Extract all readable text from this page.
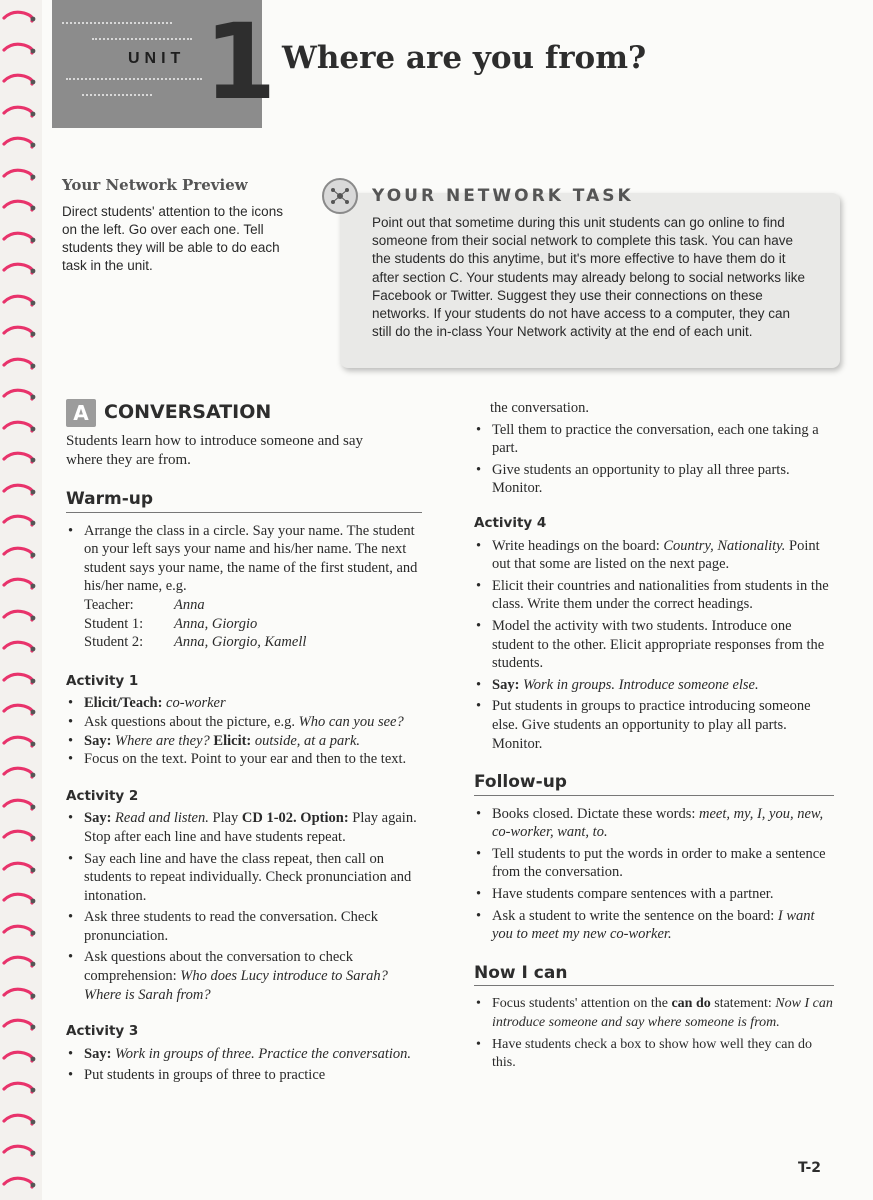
UNIT 1 Where are you from?
Your Network Preview
Direct students' attention to the icons on the left. Go over each one. Tell students they will be able to do each task in the unit.
YOUR NETWORK TASK
Point out that sometime during this unit students can go online to find someone from their social network to complete this task. You can have the students do this anytime, but it's more effective to have them do it after section C. Your students may already belong to social networks like Facebook or Twitter. Suggest they use their connections on these networks. If your students do not have access to a computer, they can still do the in-class Your Network activity at the end of each unit.
A CONVERSATION
Students learn how to introduce someone and say where they are from.
Warm-up
• Arrange the class in a circle. Say your name. The student on your left says your name and his/her name. The next student says your name, the name of the first student, and his/her name, e.g.
Teacher:	Anna
Student 1:	Anna, Giorgio
Student 2:	Anna, Giorgio, Kamell
Activity 1
• Elicit/Teach: co-worker
• Ask questions about the picture, e.g. Who can you see?
• Say: Where are they? Elicit: outside, at a park.
• Focus on the text. Point to your ear and then to the text.
Activity 2
• Say: Read and listen. Play CD 1-02. Option: Play again. Stop after each line and have students repeat.
• Say each line and have the class repeat, then call on students to repeat individually. Check pronunciation and intonation.
• Ask three students to read the conversation. Check pronunciation.
• Ask questions about the conversation to check comprehension: Who does Lucy introduce to Sarah? Where is Sarah from?
Activity 3
• Say: Work in groups of three. Practice the conversation.
• Put students in groups of three to practice
the conversation.
• Tell them to practice the conversation, each one taking a part.
• Give students an opportunity to play all three parts. Monitor.
Activity 4
• Write headings on the board: Country, Nationality. Point out that some are listed on the next page.
• Elicit their countries and nationalities from students in the class. Write them under the correct headings.
• Model the activity with two students. Introduce one student to the other. Elicit appropriate responses from the students.
• Say: Work in groups. Introduce someone else.
• Put students in groups to practice introducing someone else. Give students an opportunity to play all parts. Monitor.
Follow-up
• Books closed. Dictate these words: meet, my, I, you, new, co-worker, want, to.
• Tell students to put the words in order to make a sentence from the conversation.
• Have students compare sentences with a partner.
• Ask a student to write the sentence on the board: I want you to meet my new co-worker.
Now I can
• Focus students' attention on the can do statement: Now I can introduce someone and say where someone is from.
• Have students check a box to show how well they can do this.
T-2
